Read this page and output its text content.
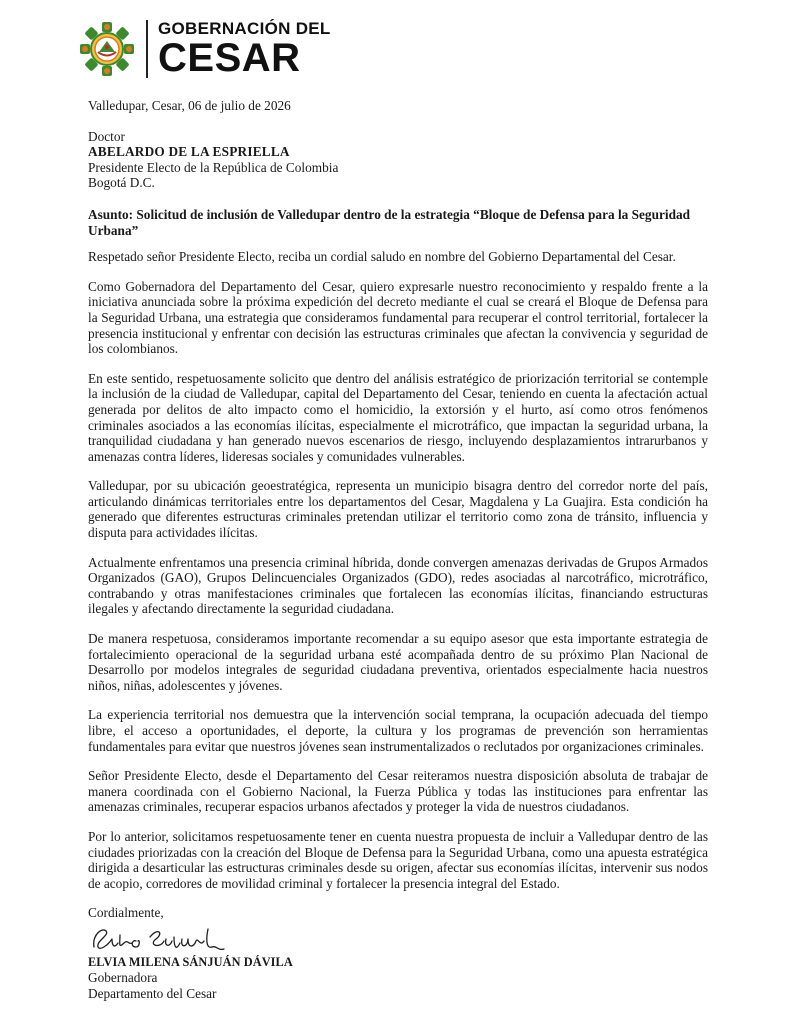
GOBERNACIÓN DEL
CESAR

Valledupar, Cesar, 06 de julio de 2026

Doctor

ABELARDO DE LA ESPRIELLA

Presidente Electo de la República de Colombia

Bogotá D.C.

Asunto: Solicitud de inclusión de Valledupar dentro de la estrategia “Bloque de Defensa para la Seguridad Urbana”

Respetado señor Presidente Electo, reciba un cordial saludo en nombre del Gobierno Departamental del Cesar.

Como Gobernadora del Departamento del Cesar, quiero expresarle nuestro reconocimiento y respaldo frente a la iniciativa anunciada sobre la próxima expedición del decreto mediante el cual se creará el Bloque de Defensa para la Seguridad Urbana, una estrategia que consideramos fundamental para recuperar el control territorial, fortalecer la presencia institucional y enfrentar con decisión las estructuras criminales que afectan la convivencia y seguridad de los colombianos.

En este sentido, respetuosamente solicito que dentro del análisis estratégico de priorización territorial se contemple la inclusión de la ciudad de Valledupar, capital del Departamento del Cesar, teniendo en cuenta la afectación actual generada por delitos de alto impacto como el homicidio, la extorsión y el hurto, así como otros fenómenos criminales asociados a las economías ilícitas, especialmente el microtráfico, que impactan la seguridad urbana, la tranquilidad ciudadana y han generado nuevos escenarios de riesgo, incluyendo desplazamientos intrarurbanos y amenazas contra líderes, lideresas sociales y comunidades vulnerables.

Valledupar, por su ubicación geoestratégica, representa un municipio bisagra dentro del corredor norte del país, articulando dinámicas territoriales entre los departamentos del Cesar, Magdalena y La Guajira. Esta condición ha generado que diferentes estructuras criminales pretendan utilizar el territorio como zona de tránsito, influencia y disputa para actividades ilícitas.

Actualmente enfrentamos una presencia criminal híbrida, donde convergen amenazas derivadas de Grupos Armados Organizados (GAO), Grupos Delincuenciales Organizados (GDO), redes asociadas al narcotráfico, microtráfico, contrabando y otras manifestaciones criminales que fortalecen las economías ilícitas, financiando estructuras ilegales y afectando directamente la seguridad ciudadana.

De manera respetuosa, consideramos importante recomendar a su equipo asesor que esta importante estrategia de fortalecimiento operacional de la seguridad urbana esté acompañada dentro de su próximo Plan Nacional de Desarrollo por modelos integrales de seguridad ciudadana preventiva, orientados especialmente hacia nuestros niños, niñas, adolescentes y jóvenes.

La experiencia territorial nos demuestra que la intervención social temprana, la ocupación adecuada del tiempo libre, el acceso a oportunidades, el deporte, la cultura y los programas de prevención son herramientas fundamentales para evitar que nuestros jóvenes sean instrumentalizados o reclutados por organizaciones criminales.

Señor Presidente Electo, desde el Departamento del Cesar reiteramos nuestra disposición absoluta de trabajar de manera coordinada con el Gobierno Nacional, la Fuerza Pública y todas las instituciones para enfrentar las amenazas criminales, recuperar espacios urbanos afectados y proteger la vida de nuestros ciudadanos.

Por lo anterior, solicitamos respetuosamente tener en cuenta nuestra propuesta de incluir a Valledupar dentro de las ciudades priorizadas con la creación del Bloque de Defensa para la Seguridad Urbana, como una apuesta estratégica dirigida a desarticular las estructuras criminales desde su origen, afectar sus economías ilícitas, intervenir sus nodos de acopio, corredores de movilidad criminal y fortalecer la presencia integral del Estado.

Cordialmente,

ELVIA MILENA SÁNJUÁN DÁVILA

Gobernadora

Departamento del Cesar
